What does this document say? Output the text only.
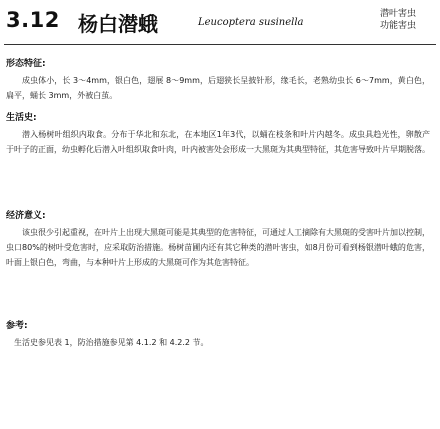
3.12 杨白潜蛾	Leucoptera susinella
潜叶害虫
功能害虫
形态特征:

成虫体小，长 3～4mm，银白色，翅展 8～9mm，后翅狭长呈披针形，缘毛长，老熟幼虫长 6～7mm，黄白色，扁平，蛹长 3mm，外被白茧。

生活史:

潜入杨树叶组织内取食。分布于华北和东北，在本地区1年3代，以蛹在枝条和叶片内越冬。成虫具趋光性，卵散产于叶子的正面，幼虫孵化后潜入叶组织取食叶肉，叶内被害处会形成一大黑斑为其典型特征，其危害导致叶片早期脱落。

经济意义:

该虫很少引起重视，在叶片上出现大黑斑可能是其典型的危害特征，可通过人工摘除有大黑斑的受害叶片加以控制，虫口80%的树叶受危害时，应采取防治措施。杨树苗圃内还有其它种类的潜叶害虫，如8月份可看到杨银潜叶蛾的危害，叶面上银白色，弯曲，与本种叶片上形成的大黑斑可作为其危害特征。

参考:

生活史参见表 1，防治措施参见第 4.1.2 和 4.2.2 节。
